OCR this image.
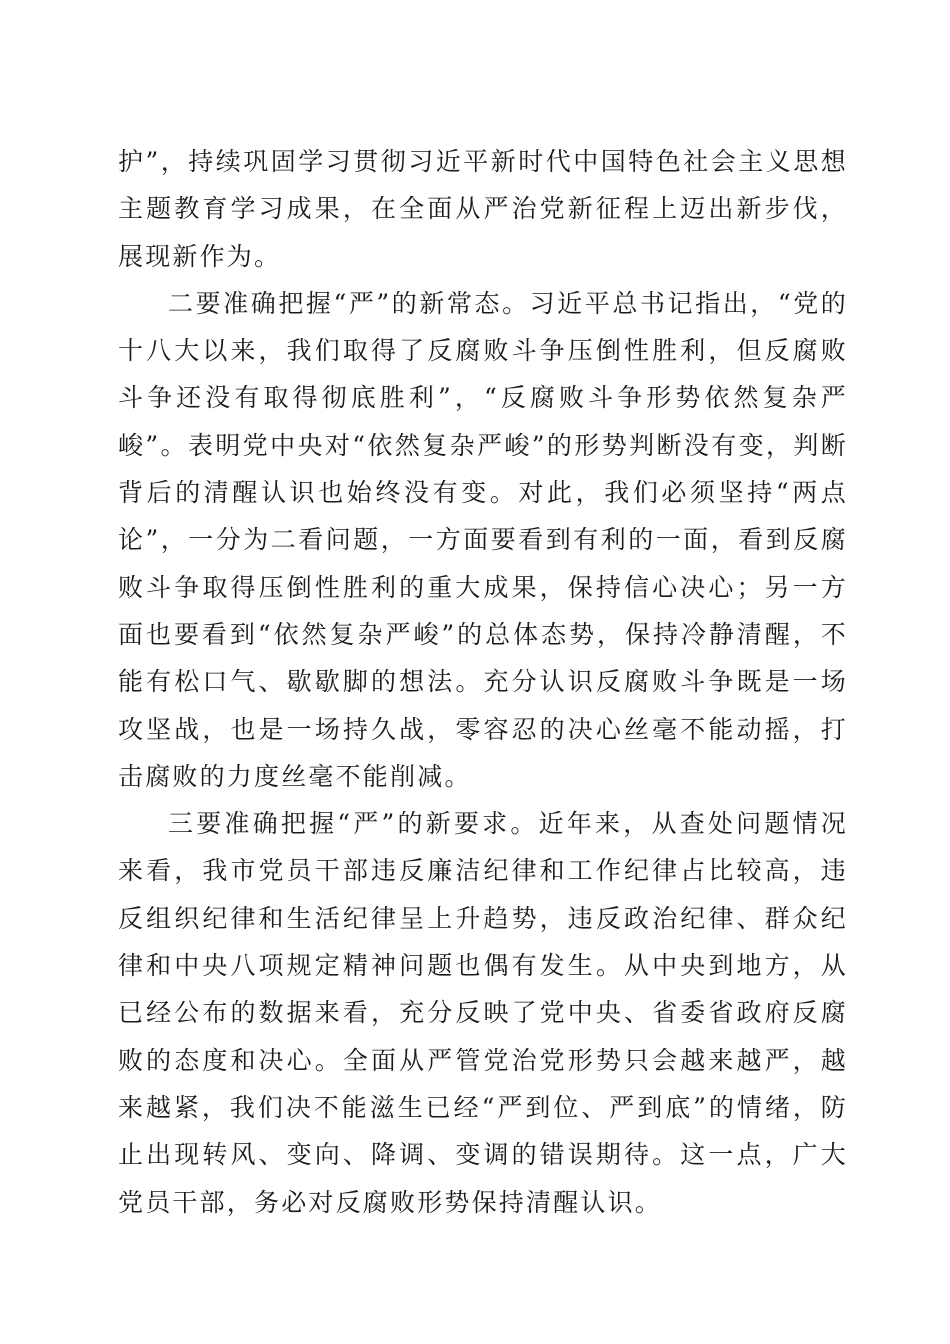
护”，持续巩固学习贯彻习近平新时代中国特色社会主义思想主题教育学习成果，在全面从严治党新征程上迈出新步伐，展现新作为。

二要准确把握“严”的新常态。习近平总书记指出，“党的十八大以来，我们取得了反腐败斗争压倒性胜利，但反腐败斗争还没有取得彻底胜利”，“反腐败斗争形势依然复杂严峻”。表明党中央对“依然复杂严峻”的形势判断没有变，判断背后的清醒认识也始终没有变。对此，我们必须坚持“两点论”，一分为二看问题，一方面要看到有利的一面，看到反腐败斗争取得压倒性胜利的重大成果，保持信心决心；另一方面也要看到“依然复杂严峻”的总体态势，保持冷静清醒，不能有松口气、歇歇脚的想法。充分认识反腐败斗争既是一场攻坚战，也是一场持久战，零容忍的决心丝毫不能动摇，打击腐败的力度丝毫不能削减。

三要准确把握“严”的新要求。近年来，从查处问题情况来看，我市党员干部违反廉洁纪律和工作纪律占比较高，违反组织纪律和生活纪律呈上升趋势，违反政治纪律、群众纪律和中央八项规定精神问题也偶有发生。从中央到地方，从已经公布的数据来看，充分反映了党中央、省委省政府反腐败的态度和决心。全面从严管党治党形势只会越来越严，越来越紧，我们决不能滋生已经“严到位、严到底”的情绪，防止出现转风、变向、降调、变调的错误期待。这一点，广大党员干部，务必对反腐败形势保持清醒认识。
